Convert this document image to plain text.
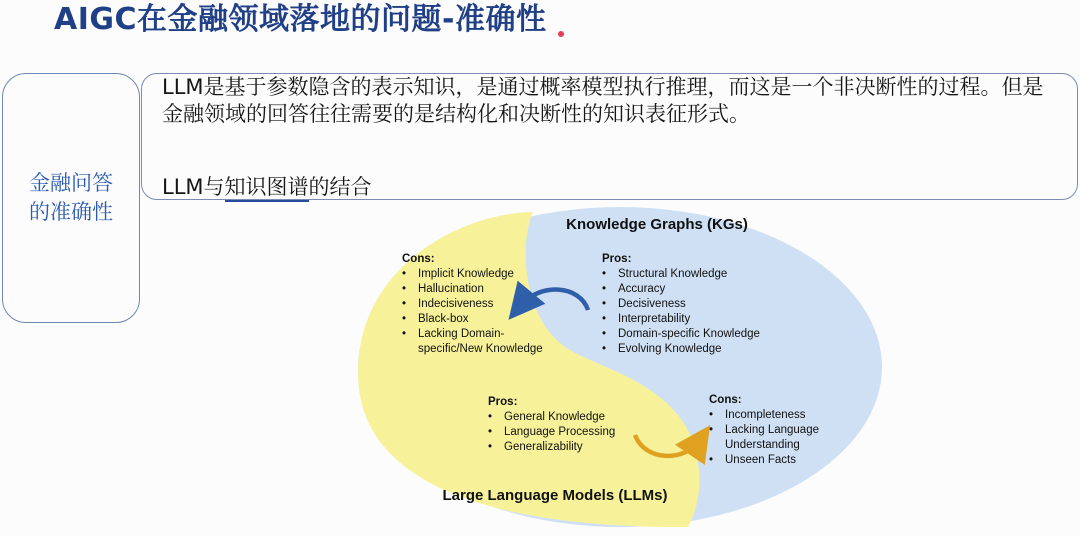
AIGC在金融领域落地的问题-准确性
金融问答的准确性
LLM是基于参数隐含的表示知识，是通过概率模型执行推理，而这是一个非决断性的过程。但是金融领域的回答往往需要的是结构化和决断性的知识表征形式。
LLM与知识图谱的结合
Knowledge Graphs (KGs)
Large Language Models (LLMs)
Cons:
• Implicit Knowledge
• Hallucination
• Indecisiveness
• Black-box
• Lacking Domain-
specific/New Knowledge
Pros:
• Structural Knowledge
• Accuracy
• Decisiveness
• Interpretability
• Domain-specific Knowledge
• Evolving Knowledge
Pros:
• General Knowledge
• Language Processing
• Generalizability
Cons:
• Incompleteness
• Lacking Language
Understanding
• Unseen Facts
